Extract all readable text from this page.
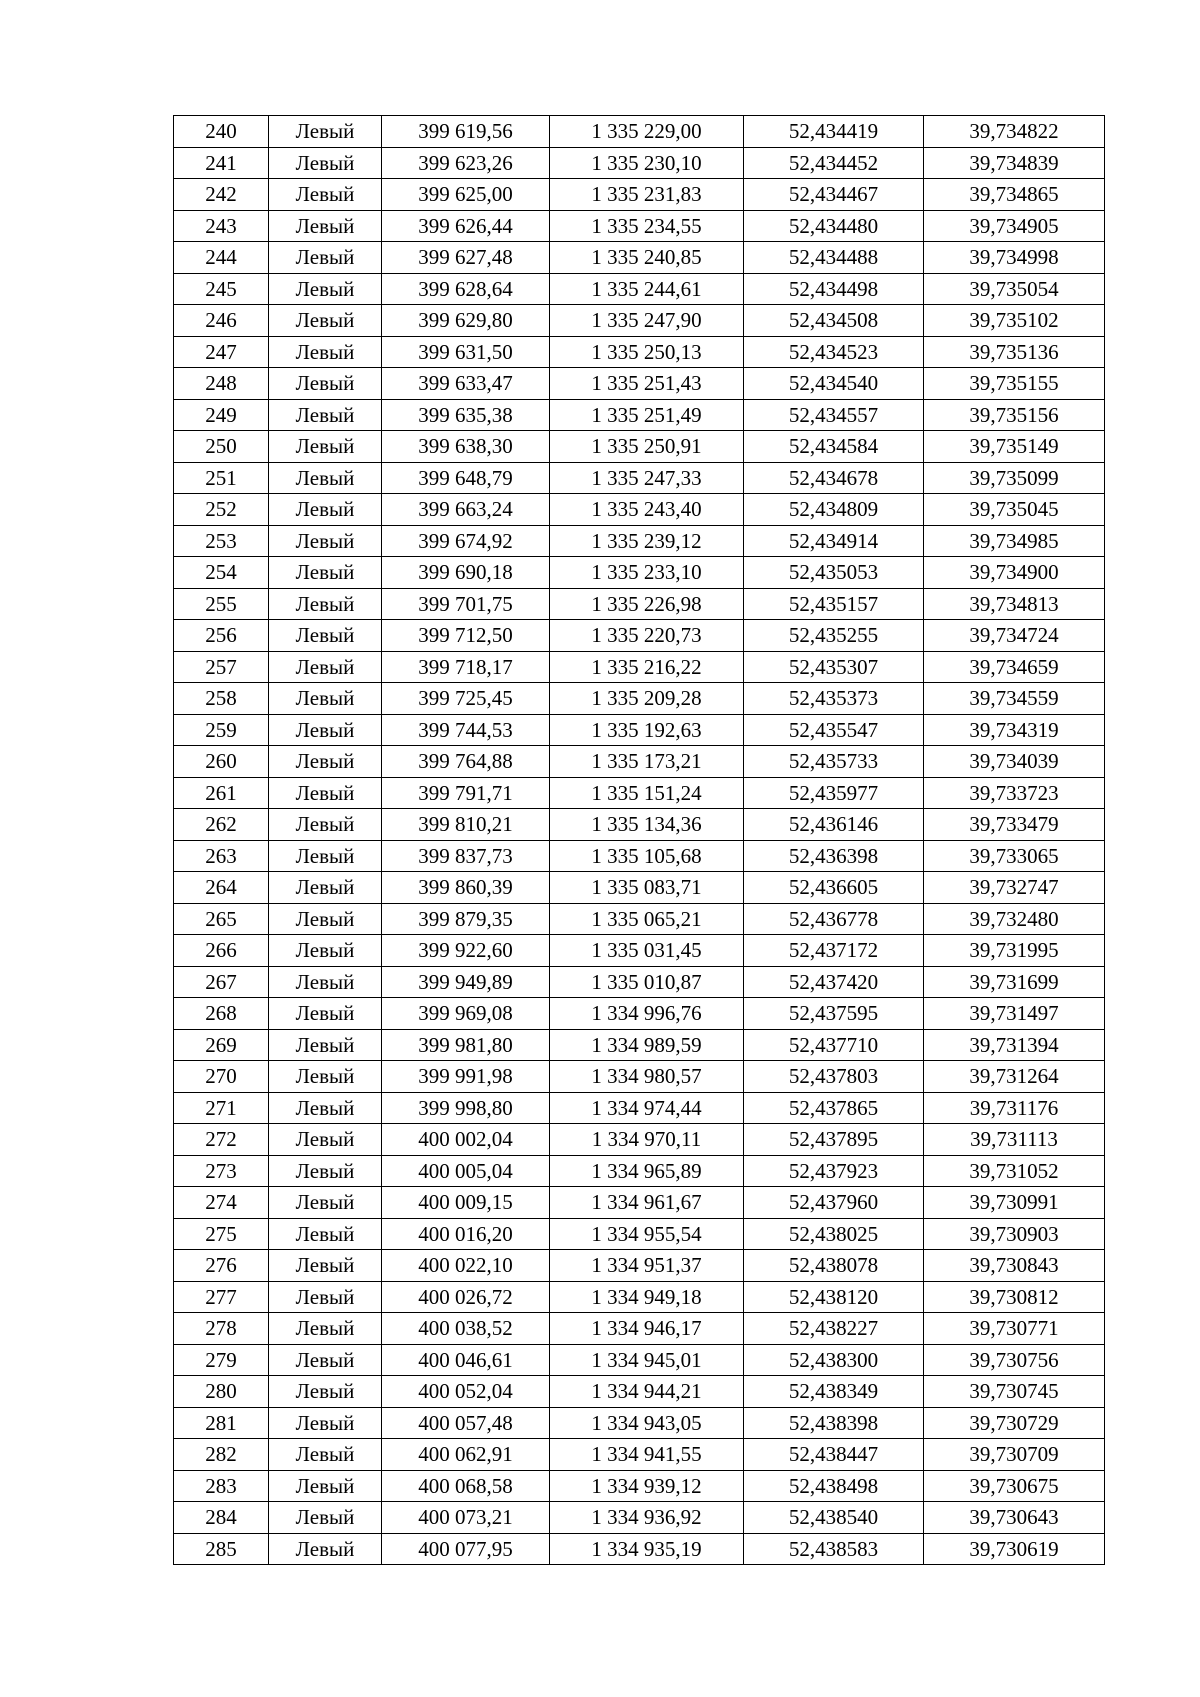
240	Левый	399 619,56	1 335 229,00	52,434419	39,734822
241	Левый	399 623,26	1 335 230,10	52,434452	39,734839
242	Левый	399 625,00	1 335 231,83	52,434467	39,734865
243	Левый	399 626,44	1 335 234,55	52,434480	39,734905
244	Левый	399 627,48	1 335 240,85	52,434488	39,734998
245	Левый	399 628,64	1 335 244,61	52,434498	39,735054
246	Левый	399 629,80	1 335 247,90	52,434508	39,735102
247	Левый	399 631,50	1 335 250,13	52,434523	39,735136
248	Левый	399 633,47	1 335 251,43	52,434540	39,735155
249	Левый	399 635,38	1 335 251,49	52,434557	39,735156
250	Левый	399 638,30	1 335 250,91	52,434584	39,735149
251	Левый	399 648,79	1 335 247,33	52,434678	39,735099
252	Левый	399 663,24	1 335 243,40	52,434809	39,735045
253	Левый	399 674,92	1 335 239,12	52,434914	39,734985
254	Левый	399 690,18	1 335 233,10	52,435053	39,734900
255	Левый	399 701,75	1 335 226,98	52,435157	39,734813
256	Левый	399 712,50	1 335 220,73	52,435255	39,734724
257	Левый	399 718,17	1 335 216,22	52,435307	39,734659
258	Левый	399 725,45	1 335 209,28	52,435373	39,734559
259	Левый	399 744,53	1 335 192,63	52,435547	39,734319
260	Левый	399 764,88	1 335 173,21	52,435733	39,734039
261	Левый	399 791,71	1 335 151,24	52,435977	39,733723
262	Левый	399 810,21	1 335 134,36	52,436146	39,733479
263	Левый	399 837,73	1 335 105,68	52,436398	39,733065
264	Левый	399 860,39	1 335 083,71	52,436605	39,732747
265	Левый	399 879,35	1 335 065,21	52,436778	39,732480
266	Левый	399 922,60	1 335 031,45	52,437172	39,731995
267	Левый	399 949,89	1 335 010,87	52,437420	39,731699
268	Левый	399 969,08	1 334 996,76	52,437595	39,731497
269	Левый	399 981,80	1 334 989,59	52,437710	39,731394
270	Левый	399 991,98	1 334 980,57	52,437803	39,731264
271	Левый	399 998,80	1 334 974,44	52,437865	39,731176
272	Левый	400 002,04	1 334 970,11	52,437895	39,731113
273	Левый	400 005,04	1 334 965,89	52,437923	39,731052
274	Левый	400 009,15	1 334 961,67	52,437960	39,730991
275	Левый	400 016,20	1 334 955,54	52,438025	39,730903
276	Левый	400 022,10	1 334 951,37	52,438078	39,730843
277	Левый	400 026,72	1 334 949,18	52,438120	39,730812
278	Левый	400 038,52	1 334 946,17	52,438227	39,730771
279	Левый	400 046,61	1 334 945,01	52,438300	39,730756
280	Левый	400 052,04	1 334 944,21	52,438349	39,730745
281	Левый	400 057,48	1 334 943,05	52,438398	39,730729
282	Левый	400 062,91	1 334 941,55	52,438447	39,730709
283	Левый	400 068,58	1 334 939,12	52,438498	39,730675
284	Левый	400 073,21	1 334 936,92	52,438540	39,730643
285	Левый	400 077,95	1 334 935,19	52,438583	39,730619
